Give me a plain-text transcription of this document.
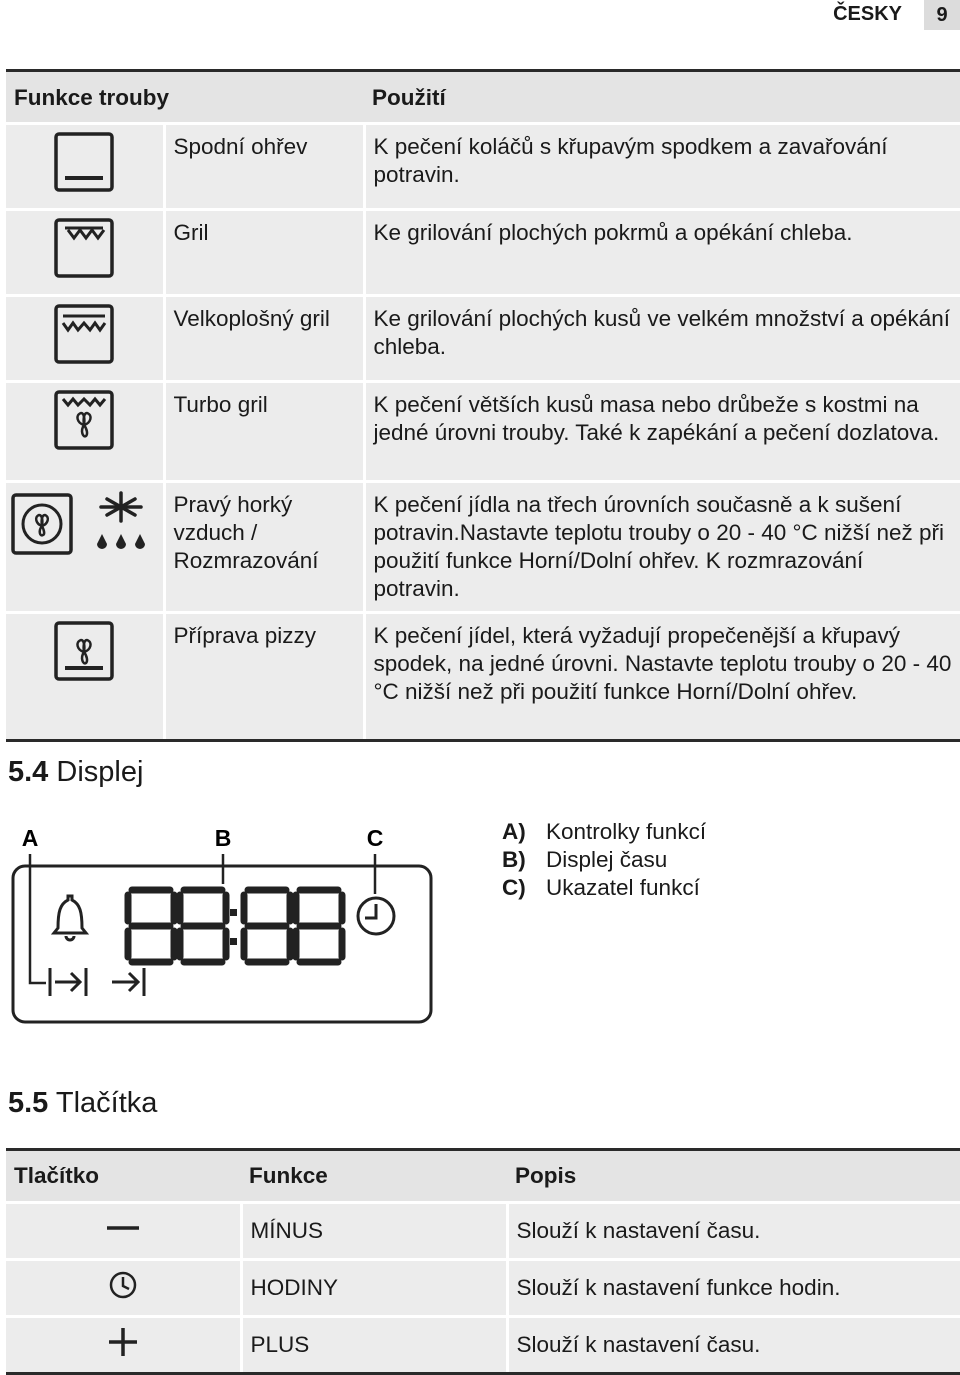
ČESKY	9
Funkce trouby		Použití
	Spodní ohřev	K pečení koláčů s křupavým spodkem a zavařování potravin.
	Gril	Ke grilování plochých pokrmů a opékání chleba.
	Velkoplošný gril	Ke grilování plochých kusů ve velkém množství a opékání chleba.
	Turbo gril	K pečení větších kusů masa nebo drůbeže s kostmi na jedné úrovni trouby. Také k zapékání a pečení dozlatova.
	Pravý horký vzduch / Rozmrazování	K pečení jídla na třech úrovních současně a k sušení potravin.Nastavte teplotu trouby o 20 - 40 °C nižší než při použití funkce Horní/Dolní ohřev. K rozmrazování potravin.
	Příprava pizzy	K pečení jídel, která vyžadují propečenější a křupavý spodek, na jedné úrovni. Nastavte teplotu trouby o 20 - 40 °C nižší než při použití funkce Horní/Dolní ohřev.
5.4 Displej
A	B	C
88:88	A) Kontrolky funkcí
B) Displej času
C) Ukazatel funkcí
5.5 Tlačítka
Tlačítko	Funkce	Popis
	MÍNUS	Slouží k nastavení času.
	HODINY	Slouží k nastavení funkce hodin.
	PLUS	Slouží k nastavení času.
